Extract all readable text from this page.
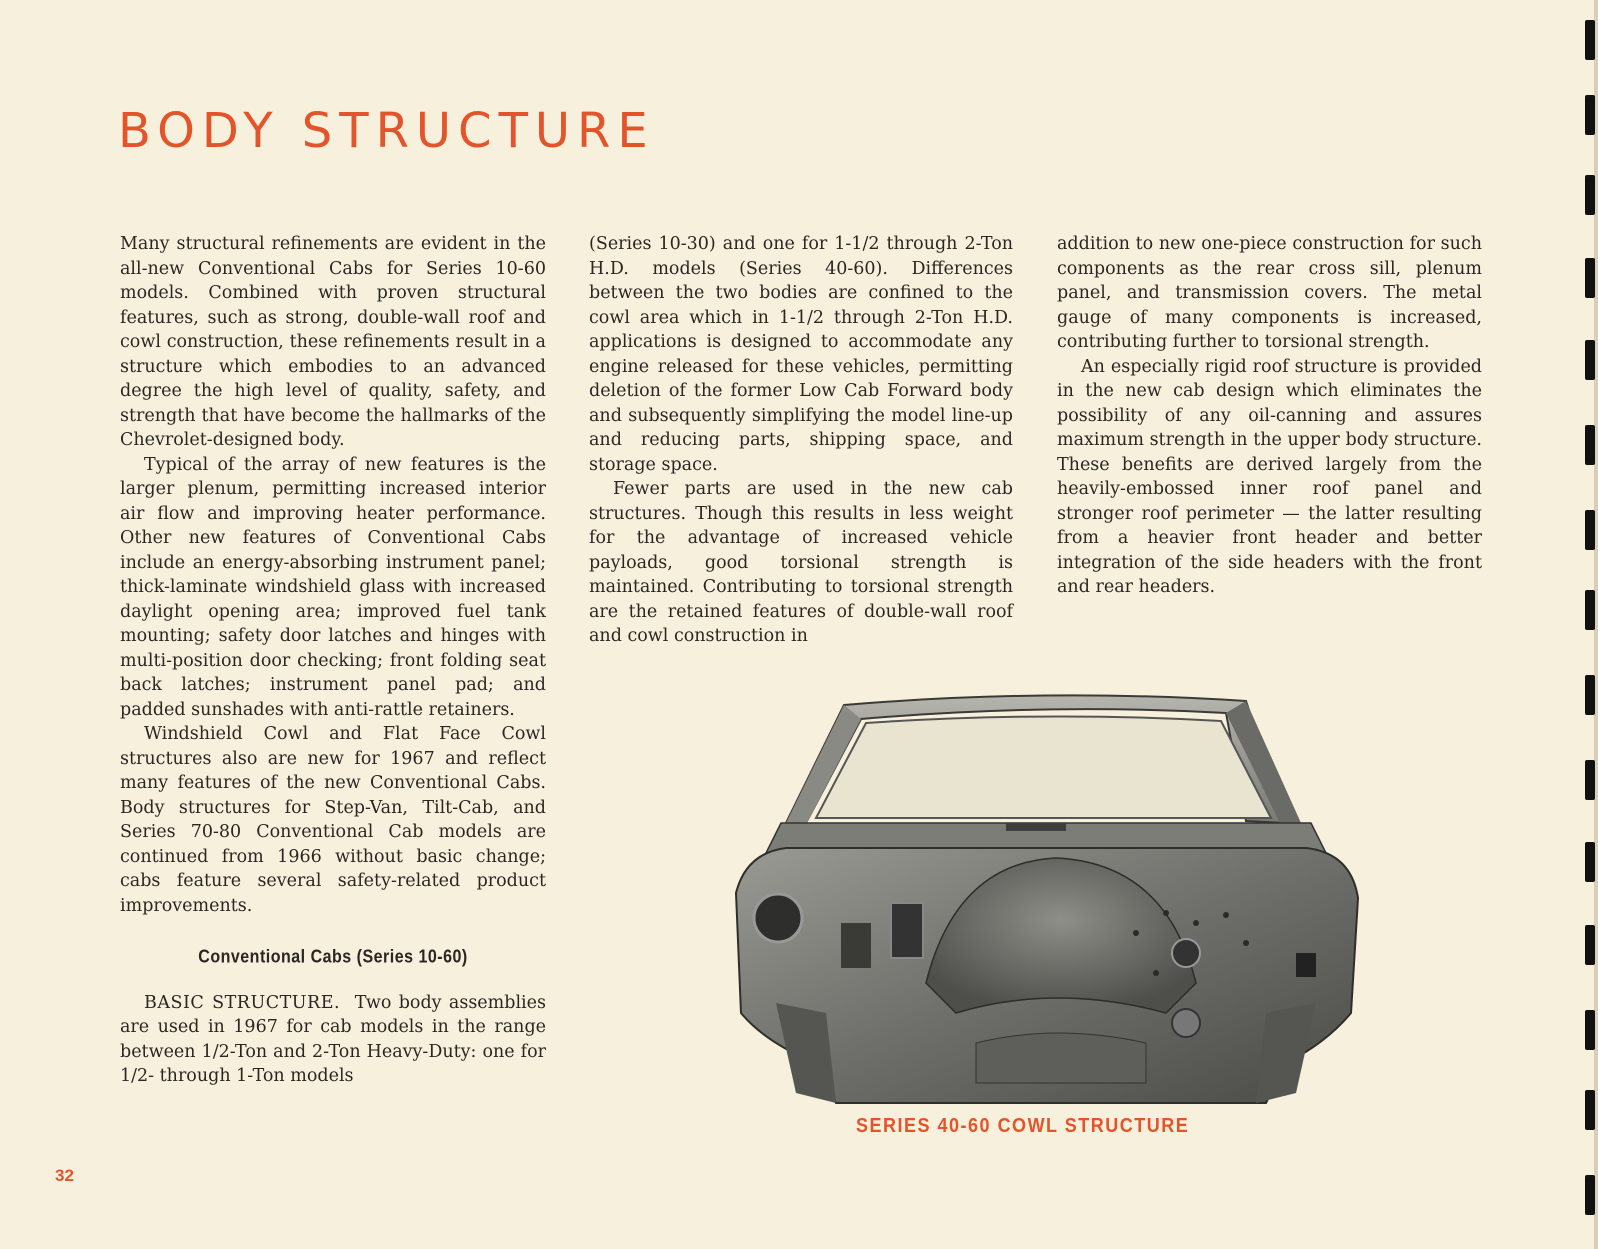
BODY STRUCTURE

Many structural refinements are evident in the all-new Conventional Cabs for Series 10-60 models. Combined with proven structural features, such as strong, double-wall roof and cowl construction, these refinements result in a structure which embodies to an advanced degree the high level of quality, safety, and strength that have become the hallmarks of the Chevrolet-designed body.

Typical of the array of new features is the larger plenum, permitting increased interior air flow and improving heater performance. Other new features of Conventional Cabs include an energy-absorbing instrument panel; thick-laminate windshield glass with increased daylight opening area; improved fuel tank mounting; safety door latches and hinges with multi-position door checking; front folding seat back latches; instrument panel pad; and padded sunshades with anti-rattle retainers.

Windshield Cowl and Flat Face Cowl structures also are new for 1967 and reflect many features of the new Conventional Cabs. Body structures for Step-Van, Tilt-Cab, and Series 70-80 Conventional Cab models are continued from 1966 without basic change; cabs feature several safety-related product improvements.

Conventional Cabs (Series 10-60)

BASIC STRUCTURE. Two body assemblies are used in 1967 for cab models in the range between 1/2-Ton and 2-Ton Heavy-Duty: one for 1/2- through 1-Ton models

(Series 10-30) and one for 1-1/2 through 2-Ton H.D. models (Series 40-60). Differences between the two bodies are confined to the cowl area which in 1-1/2 through 2-Ton H.D. applications is designed to accommodate any engine released for these vehicles, permitting deletion of the former Low Cab Forward body and subsequently simplifying the model line-up and reducing parts, shipping space, and storage space.

Fewer parts are used in the new cab structures. Though this results in less weight for the advantage of increased vehicle payloads, good torsional strength is maintained. Contributing to torsional strength are the retained features of double-wall roof and cowl construction in

addition to new one-piece construction for such components as the rear cross sill, plenum panel, and transmission covers. The metal gauge of many components is increased, contributing further to torsional strength.

An especially rigid roof structure is provided in the new cab design which eliminates the possibility of any oil-canning and assures maximum strength in the upper body structure. These benefits are derived largely from the heavily-embossed inner roof panel and stronger roof perimeter — the latter resulting from a heavier front header and better integration of the side headers with the front and rear headers.

SERIES 40-60 COWL STRUCTURE
32
